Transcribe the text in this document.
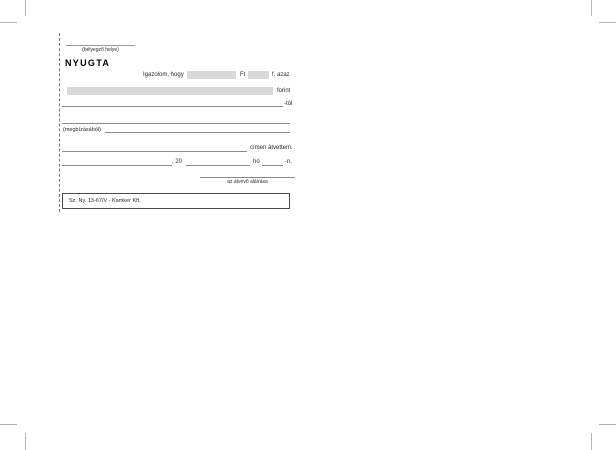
(bélyegző helye)
NYUGTA
Igazolom, hogy	Ft	f, azaz
forint
-tól
(megbízásából)
címen átvettem.
, 20	hó	-n.
az átvevő aláírása
Sz. Ny. 13-67/V - Kamker Kft.
